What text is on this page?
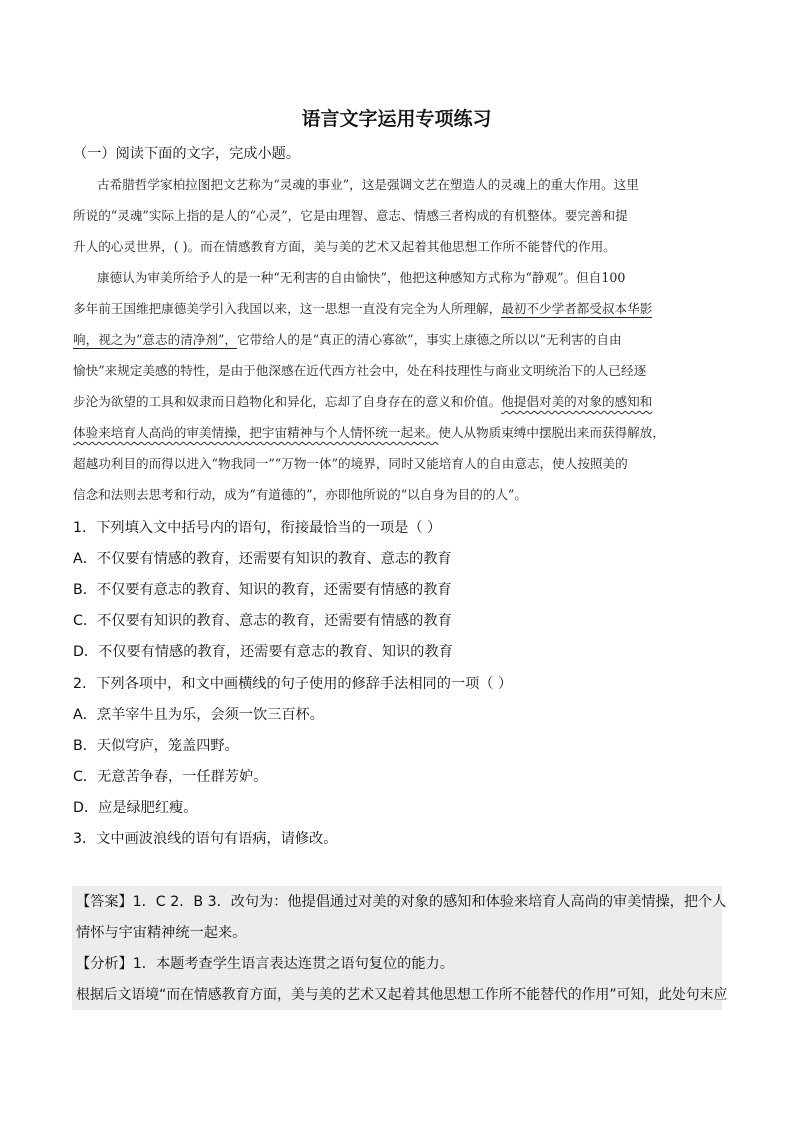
语言文字运用专项练习
（一）阅读下面的文字，完成小题。
古希腊哲学家柏拉图把文艺称为“灵魂的事业”，这是强调文艺在塑造人的灵魂上的重大作用。这里
所说的“灵魂”实际上指的是人的“心灵”，它是由理智、意志、情感三者构成的有机整体。要完善和提
升人的心灵世界，( )。而在情感教育方面，美与美的艺术又起着其他思想工作所不能替代的作用。
康德认为审美所给予人的是一种“无利害的自由愉快”，他把这种感知方式称为“静观”。但自100
多年前王国维把康德美学引入我国以来，这一思想一直没有完全为人所理解，最初不少学者都受叔本华影
响，视之为“意志的清净剂”，它带给人的是“真正的清心寡欲”，事实上康德之所以以“无利害的自由
愉快”来规定美感的特性，是由于他深感在近代西方社会中，处在科技理性与商业文明统治下的人已经逐
步沦为欲望的工具和奴隶而日趋物化和异化，忘却了自身存在的意义和价值。他提倡对美的对象的感知和
体验来培育人高尚的审美情操，把宇宙精神与个人情怀统一起来。使人从物质束缚中摆脱出来而获得解放，
超越功利目的而得以进入“物我同一”“万物一体”的境界，同时又能培育人的自由意志，使人按照美的
信念和法则去思考和行动，成为“有道德的”，亦即他所说的“以自身为目的的人”。
1．下列填入文中括号内的语句，衔接最恰当的一项是（ ）
A．不仅要有情感的教育，还需要有知识的教育、意志的教育
B．不仅要有意志的教育、知识的教育，还需要有情感的教育
C．不仅要有知识的教育、意志的教育，还需要有情感的教育
D．不仅要有情感的教育，还需要有意志的教育、知识的教育
2．下列各项中，和文中画横线的句子使用的修辞手法相同的一项（ ）
A．烹羊宰牛且为乐，会须一饮三百杯。
B．天似穹庐，笼盖四野。
C．无意苦争春，一任群芳妒。
D．应是绿肥红瘦。
3．文中画波浪线的语句有语病，请修改。
【答案】1．C 2．B 3．改句为：他提倡通过对美的对象的感知和体验来培育人高尚的审美情操，把个人
情怀与宇宙精神统一起来。
【分析】1．本题考查学生语言表达连贯之语句复位的能力。
根据后文语境“而在情感教育方面，美与美的艺术又起着其他思想工作所不能替代的作用”可知，此处句末应
